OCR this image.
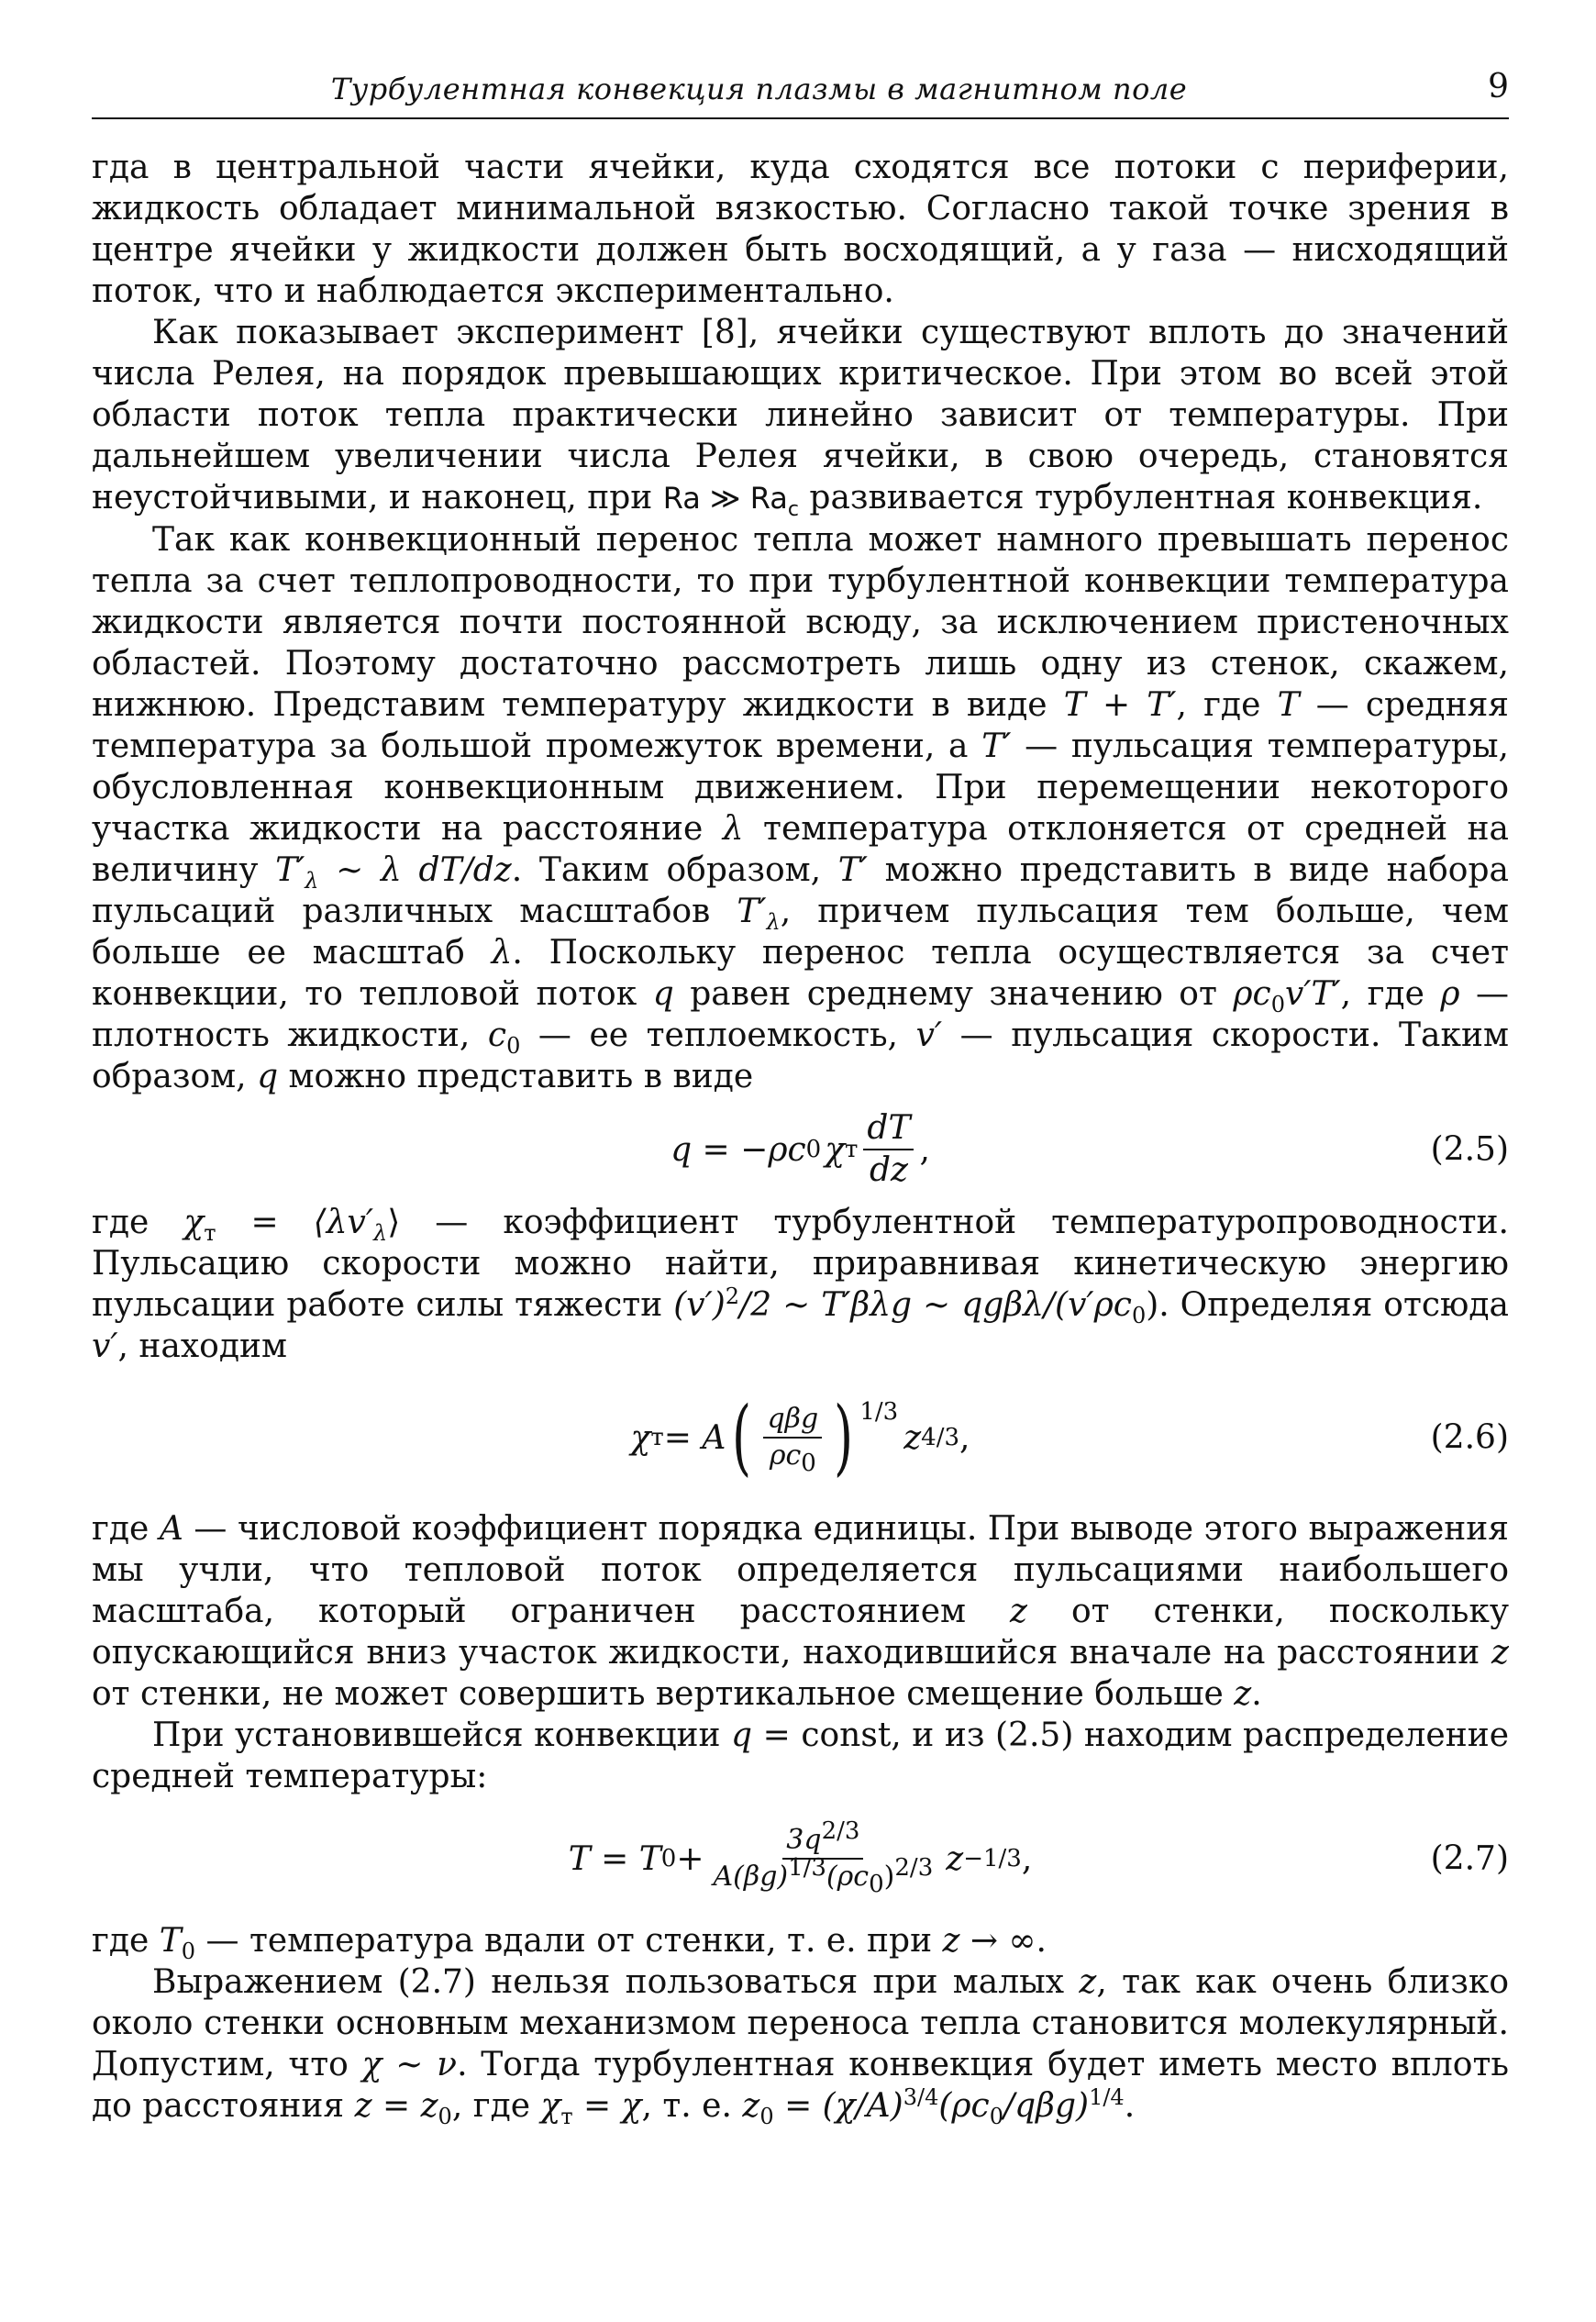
Турбулентная конвекция плазмы в магнитном поле	9

гда в центральной части ячейки, куда сходятся все потоки с периферии, жидкость обладает минимальной вязкостью. Согласно такой точке зрения в центре ячейки у жидкости должен быть восходящий, а у газа — нисходящий поток, что и наблюдается экспериментально.

Как показывает эксперимент [8], ячейки существуют вплоть до значений числа Релея, на порядок превышающих критическое. При этом во всей этой области поток тепла практически линейно зависит от температуры. При дальнейшем увеличении числа Релея ячейки, в свою очередь, становятся неустойчивыми, и наконец, при Ra ≫ $Ra_c$ развивается турбулентная конвекция.

Так как конвекционный перенос тепла может намного превышать перенос тепла за счет теплопроводности, то при турбулентной конвекции температура жидкости является почти постоянной всюду, за исключением пристеночных областей. Поэтому достаточно рассмотреть лишь одну из стенок, скажем, нижнюю. Представим температуру жидкости в виде T + T′, где T — средняя температура за большой промежуток времени, а T′ — пульсация температуры, обусловленная конвекционным движением. При перемещении некоторого участка жидкости на расстояние λ температура отклоняется от средней на величину $T'_\lambda$ ∼ λ dT/dz. Таким образом, T′ можно представить в виде набора пульсаций различных масштабов $T'_\lambda$, причем пульсация тем больше, чем больше ее масштаб λ. Поскольку перенос тепла осуществляется за счет конвекции, то тепловой поток q равен среднему значению от $\rho c_0v'T'$, где ρ — плотность жидкости, $c_0$ — ее теплоемкость, v′ — пульсация скорости. Таким образом, q можно представить в виде

q = −ρc 0 χ т $\frac{dT}{dz}$ ,	(2.5)

где $\chi_т$ = $⟨\lambda v'_\lambda⟩$ — коэффициент турбулентной температуропроводности. Пульсацию скорости можно найти, приравнивая кинетическую энергию пульсации работе силы тяжести $(v')^2/2$ ∼ T′βλg ∼ qgβλ/$(v'\rho c_0)$. Определяя отсюда v′, находим

χ т = A ( $\frac{\text{qβg}}{\rho c_0}$ ) $^{1/3}$
z 4/3 ,	(2.6)

где A — числовой коэффициент порядка единицы. При выводе этого выражения мы учли, что тепловой поток определяется пульсациями наибольшего масштаба, который ограничен расстоянием z от стенки, поскольку опускающийся вниз участок жидкости, находившийся вначале на расстоянии z от стенки, не может совершить вертикальное смещение больше z.

При установившейся конвекции q = const, и из (2.5) находим распределение средней температуры:

T = T $0 + \frac{3q^{2/3}}{A(\beta g)^{1/3}(\rho c_0)^{2/3}}$ z −1/3 ,	(2.7)

где $T_0$ — температура вдали от стенки, т. е. при z → ∞.

Выражением (2.7) нельзя пользоваться при малых z, так как очень близко около стенки основным механизмом переноса тепла становится молекулярный. Допустим, что χ ∼ ν. Тогда турбулентная конвекция будет иметь место вплоть до расстояния $z = z_0$, где $\chi_т = \chi$, т. е. $z_0 = (\chi/A)^{3/4}(\rho c_0/q\beta g)^{1/4}$.
